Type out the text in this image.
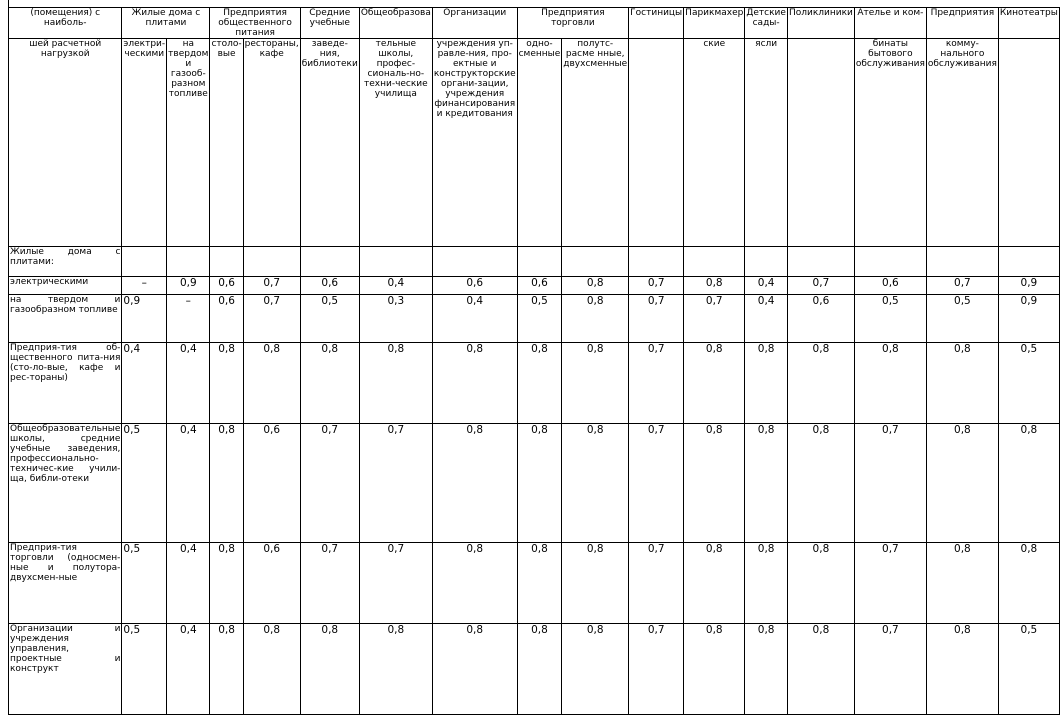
(помещения) с наиболь-	Жилые дома с плитами		Предприятия общественного питания		Средние учебные	Общеобразова	Организации	Предприятия торговли		Гостиницы	Парикмахер	Детские сады-	Поликлиники	Ателье и ком-	Предприятия	Кинотеатры
шей расчетной нагрузкой	электри-ческими	на твердом и газооб-разном топливе	столо-вые	рестораны, кафе	заведе-ния, библиотеки	тельные школы, профес-сиональ-но-техни-ческие училища	учреждения уп-равле-ния, про-ектные и конструкторские органи-зации, учреждения финансирования и кредитования	одно-сменные	полутс-расме нные, двухсменные		ские	ясли		бинаты бытового обслуживания	комму-нального обслуживания	
Жилые дома с плитами:																
электрическими	–	0,9	0,6	0,7	0,6	0,4	0,6	0,6	0,8	0,7	0,8	0,4	0,7	0,6	0,7	0,9
на твердом и газообразном топливе	0,9	–	0,6	0,7	0,5	0,3	0,4	0,5	0,8	0,7	0,7	0,4	0,6	0,5	0,5	0,9
Предприя-тия об-щественного пита-ния (сто-ло-вые, кафе и рес-тораны)	0,4	0,4	0,8	0,8	0,8	0,8	0,8	0,8	0,8	0,7	0,8	0,8	0,8	0,8	0,8	0,5
Общеобразовательные школы, средние учебные заведения, профессионально-техничес-кие учили-ща, библи-отеки	0,5	0,4	0,8	0,6	0,7	0,7	0,8	0,8	0,8	0,7	0,8	0,8	0,8	0,7	0,8	0,8
Предприя-тия торговли (односмен-ные и полутора-двухсмен-ные	0,5	0,4	0,8	0,6	0,7	0,7	0,8	0,8	0,8	0,7	0,8	0,8	0,8	0,7	0,8	0,8
Организации и учреждения управления, проектные и конструкт	0,5	0,4	0,8	0,8	0,8	0,8	0,8	0,8	0,8	0,7	0,8	0,8	0,8	0,7	0,8	0,5
